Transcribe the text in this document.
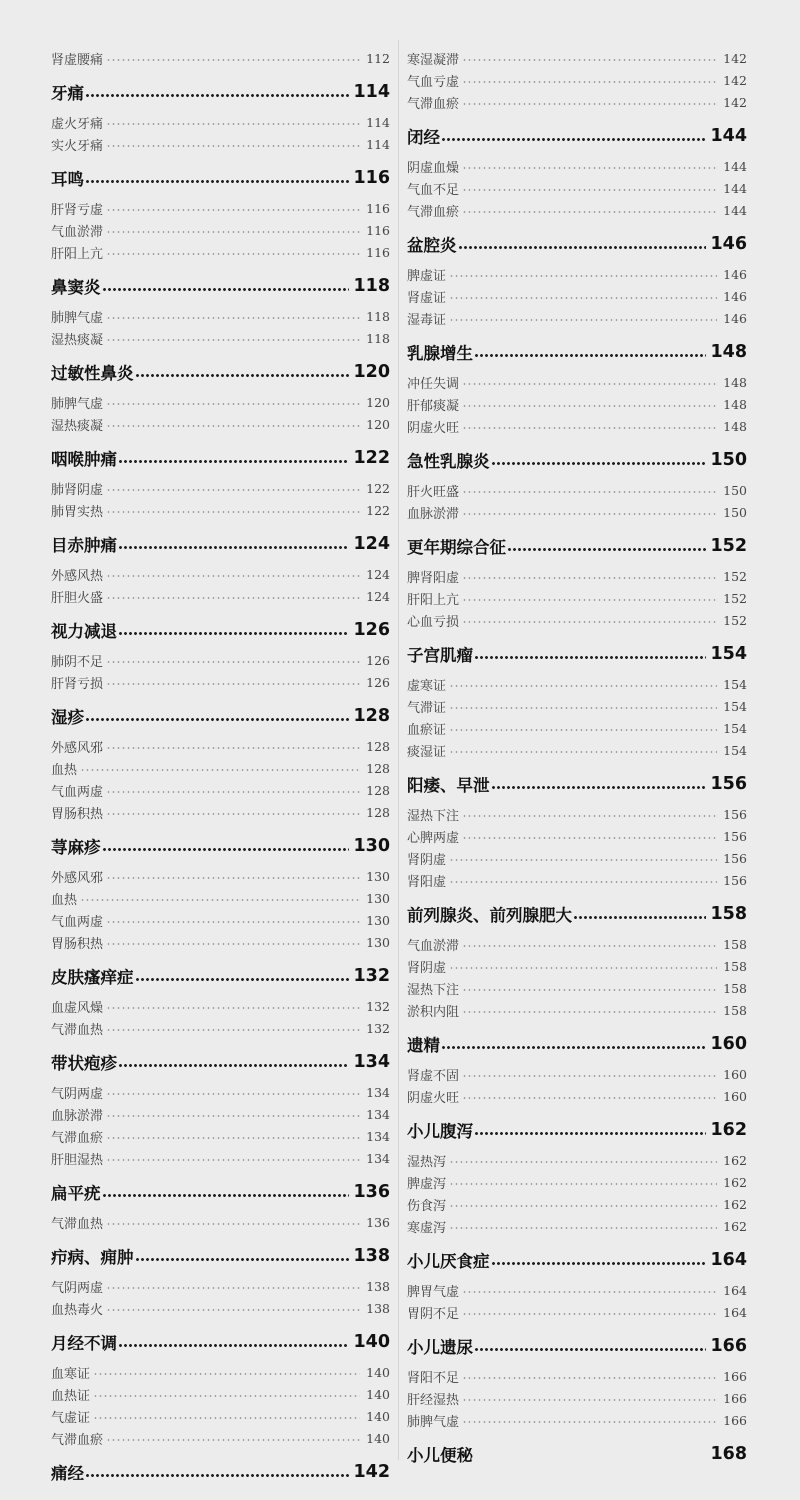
肾虚腰痛	112
牙痛	114
虚火牙痛	114
实火牙痛	114
耳鸣	116
肝肾亏虚	116
气血淤滞	116
肝阳上亢	116
鼻窦炎	118
肺脾气虚	118
湿热痰凝	118
过敏性鼻炎	120
肺脾气虚	120
湿热痰凝	120
咽喉肿痛	122
肺肾阴虚	122
肺胃实热	122
目赤肿痛	124
外感风热	124
肝胆火盛	124
视力减退	126
肺阴不足	126
肝肾亏损	126
湿疹	128
外感风邪	128
血热	128
气血两虚	128
胃肠积热	128
荨麻疹	130
外感风邪	130
血热	130
气血两虚	130
胃肠积热	130
皮肤瘙痒症	132
血虚风燥	132
气滞血热	132
带状疱疹	134
气阴两虚	134
血脉淤滞	134
气滞血瘀	134
肝胆湿热	134
扁平疣	136
气滞血热	136
疖病、痈肿	138
气阴两虚	138
血热毒火	138
月经不调	140
血寒证	140
血热证	140
气虚证	140
气滞血瘀	140
痛经	142
寒湿凝滞	142
气血亏虚	142
气滞血瘀	142
闭经	144
阴虚血燥	144
气血不足	144
气滞血瘀	144
盆腔炎	146
脾虚证	146
肾虚证	146
湿毒证	146
乳腺增生	148
冲任失调	148
肝郁痰凝	148
阴虚火旺	148
急性乳腺炎	150
肝火旺盛	150
血脉淤滞	150
更年期综合征	152
脾肾阳虚	152
肝阳上亢	152
心血亏损	152
子宫肌瘤	154
虚寒证	154
气滞证	154
血瘀证	154
痰湿证	154
阳痿、早泄	156
湿热下注	156
心脾两虚	156
肾阴虚	156
肾阳虚	156
前列腺炎、前列腺肥大	158
气血淤滞	158
肾阴虚	158
湿热下注	158
淤积内阻	158
遗精	160
肾虚不固	160
阴虚火旺	160
小儿腹泻	162
湿热泻	162
脾虚泻	162
伤食泻	162
寒虚泻	162
小儿厌食症	164
脾胃气虚	164
胃阴不足	164
小儿遗尿	166
肾阳不足	166
肝经湿热	166
肺脾气虚	166
小儿便秘	168
